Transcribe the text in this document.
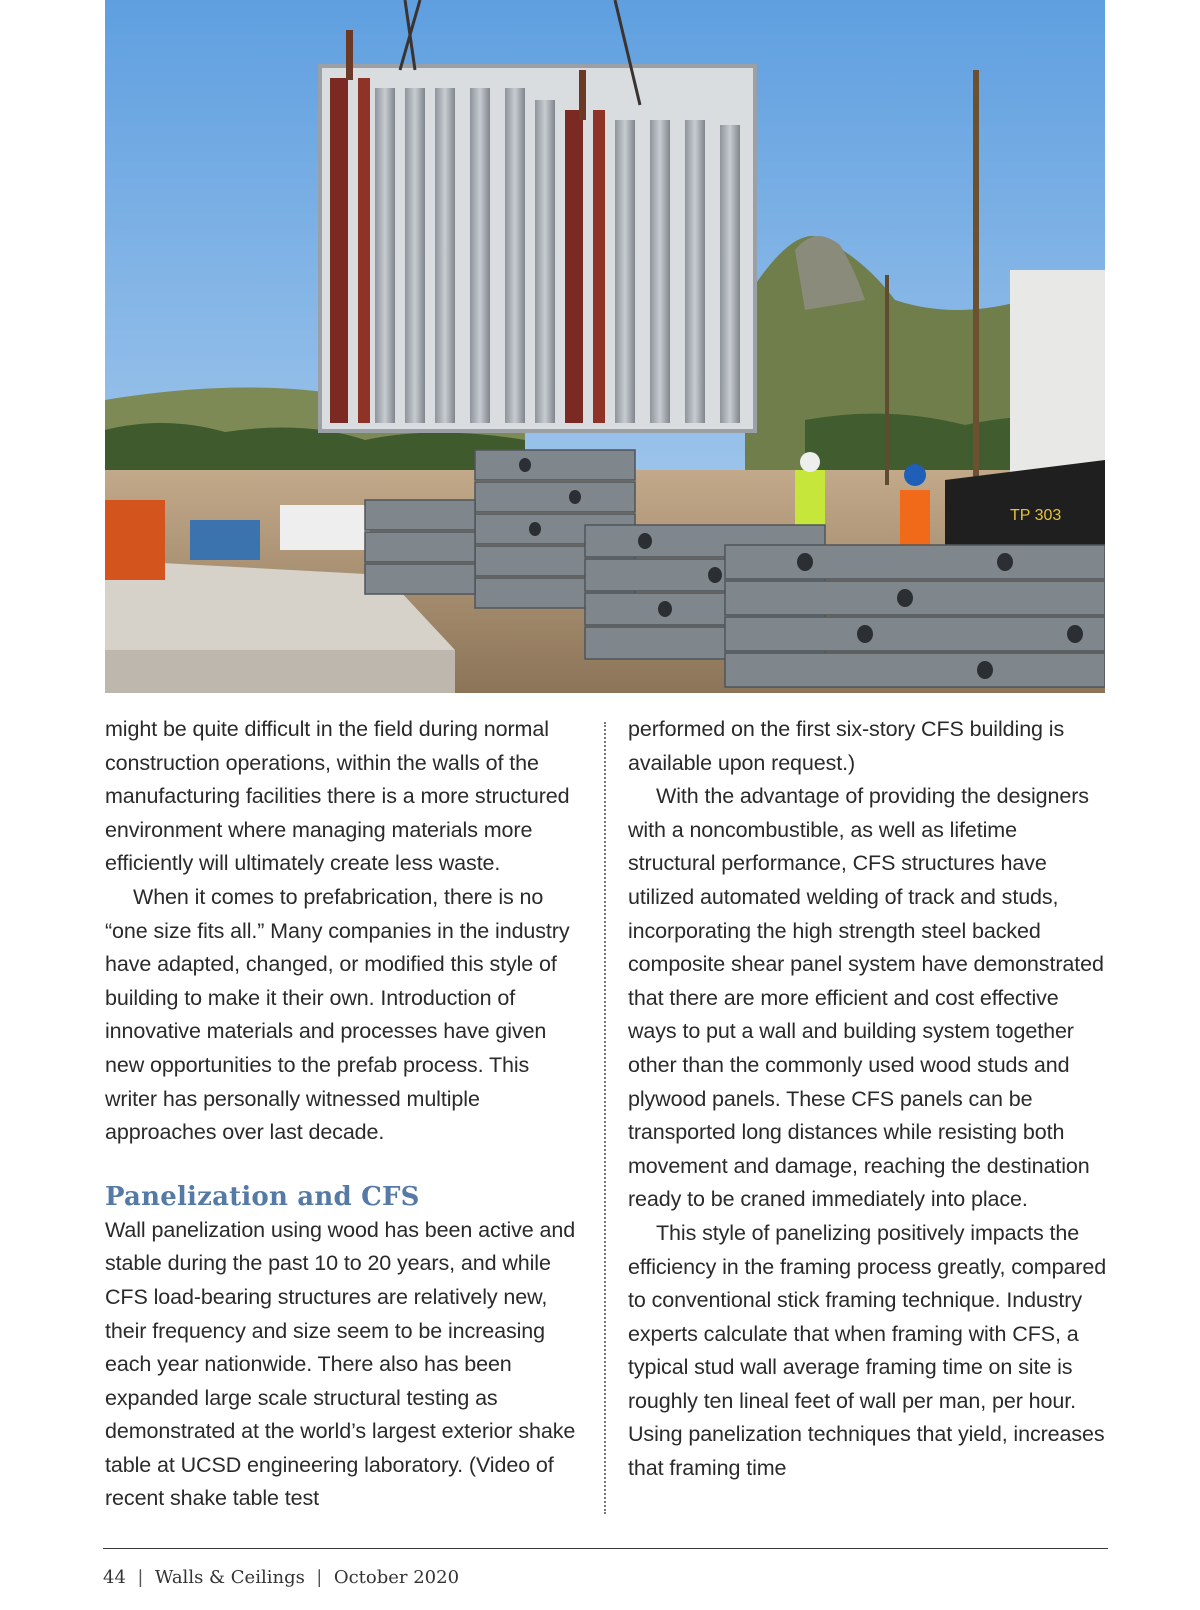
TP 303

might be quite difficult in the field during normal construction operations, within the walls of the manufacturing facilities there is a more structured environment where managing materials more efficiently will ultimately create less waste.

When it comes to prefabrication, there is no “one size fits all.” Many companies in the industry have adapted, changed, or modified this style of building to make it their own. Introduction of innovative materials and processes have given new opportunities to the prefab process. This writer has personally witnessed multiple approaches over last decade.

Panelization and CFS

Wall panelization using wood has been active and stable during the past 10 to 20 years, and while CFS load-bearing structures are relatively new, their frequency and size seem to be increasing each year nationwide. There also has been expanded large scale structural testing as demonstrated at the world’s largest exterior shake table at UCSD engineering laboratory. (Video of recent shake table test

performed on the first six-story CFS building is available upon request.)

With the advantage of providing the designers with a noncombustible, as well as lifetime structural performance, CFS structures have utilized automated welding of track and studs, incorporating the high strength steel backed composite shear panel system have demonstrated that there are more efficient and cost effective ways to put a wall and building system together other than the commonly used wood studs and plywood panels. These CFS panels can be transported long distances while resisting both movement and damage, reaching the destination ready to be craned immediately into place.

This style of panelizing positively impacts the efficiency in the framing process greatly, compared to conventional stick framing technique. Industry experts calculate that when framing with CFS, a typical stud wall average framing time on site is roughly ten lineal feet of wall per man, per hour. Using panelization techniques that yield, increases that framing time

44 | Walls & Ceilings | October 2020
